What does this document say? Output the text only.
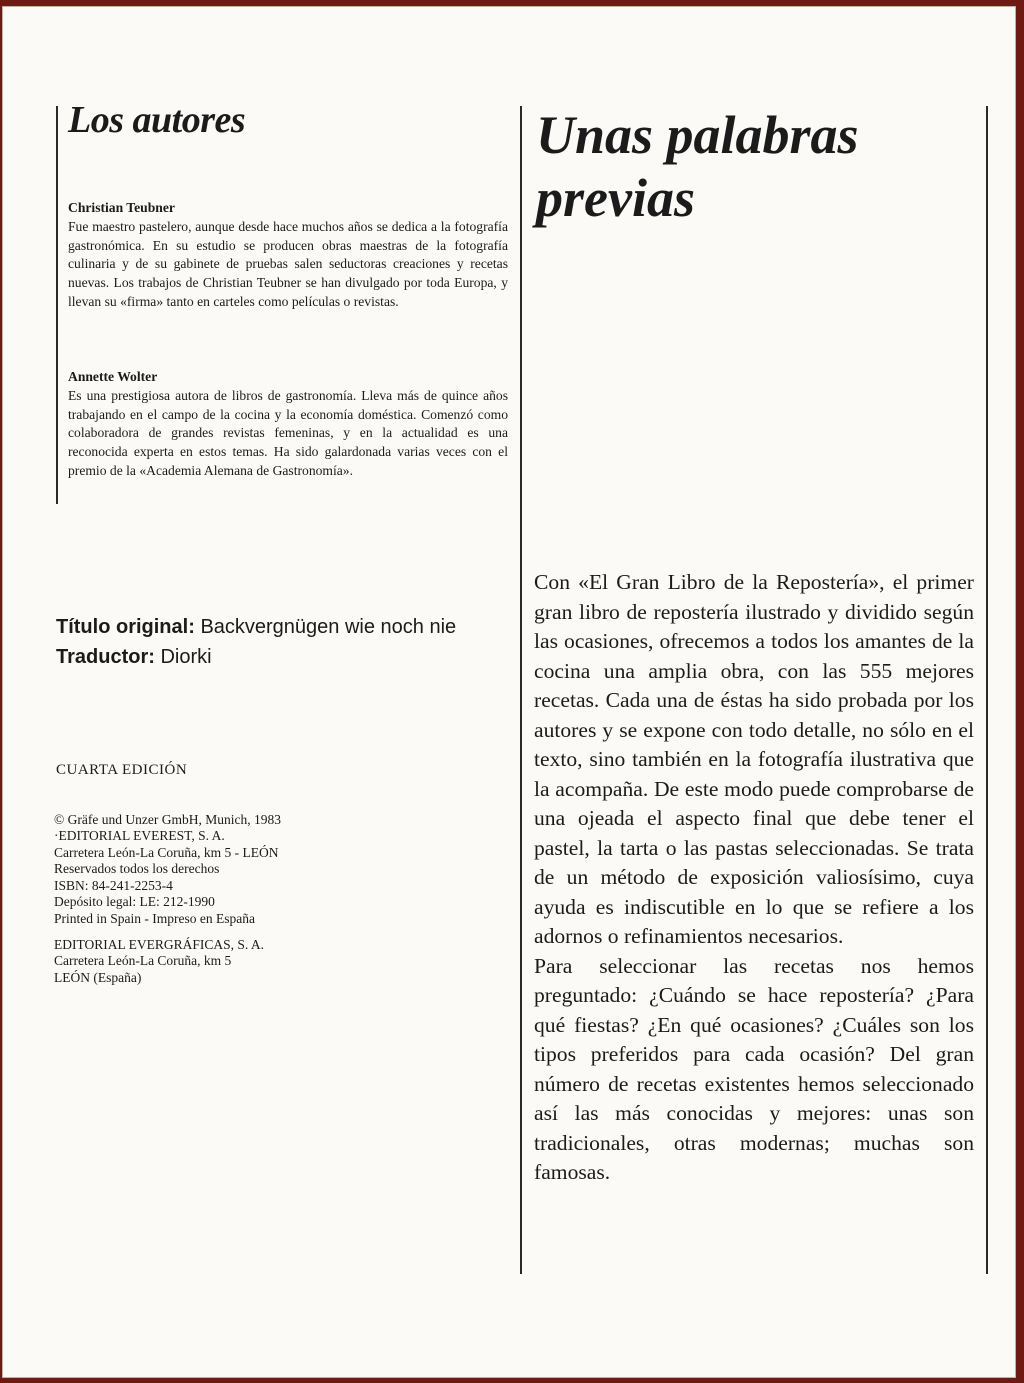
Los autores
Christian Teubner
Fue maestro pastelero, aunque desde hace muchos años se dedica a la fotografía gastronómica. En su estudio se producen obras maestras de la fotografía culinaria y de su gabinete de pruebas salen seductoras creaciones y recetas nuevas. Los trabajos de Christian Teubner se han divulgado por toda Europa, y llevan su «firma» tanto en carteles como películas o revistas.
Annette Wolter
Es una prestigiosa autora de libros de gastronomía. Lleva más de quince años trabajando en el campo de la cocina y la economía doméstica. Comenzó como colaboradora de grandes revistas femeninas, y en la actualidad es una reconocida experta en estos temas. Ha sido galardonada varias veces con el premio de la «Academia Alemana de Gastronomía».
Título original: Backvergnügen wie noch nie
Traductor: Diorki
CUARTA EDICIÓN
© Gräfe und Unzer GmbH, Munich, 1983
·EDITORIAL EVEREST, S. A.
Carretera León-La Coruña, km 5 - LEÓN
Reservados todos los derechos
ISBN: 84-241-2253-4
Depósito legal: LE: 212-1990
Printed in Spain - Impreso en España
EDITORIAL EVERGRÁFICAS, S. A.
Carretera León-La Coruña, km 5
LEÓN (España)
Unas palabras
previas

Con «El Gran Libro de la Repostería», el primer gran libro de repostería ilustrado y dividido según las ocasiones, ofrecemos a todos los amantes de la cocina una amplia obra, con las 555 mejores recetas. Cada una de éstas ha sido probada por los autores y se expone con todo detalle, no sólo en el texto, sino también en la fotografía ilustrativa que la acompaña. De este modo puede comprobarse de una ojeada el aspecto final que debe tener el pastel, la tarta o las pastas seleccionadas. Se trata de un método de exposición valiosísimo, cuya ayuda es indiscutible en lo que se refiere a los adornos o refinamientos necesarios.

Para seleccionar las recetas nos hemos preguntado: ¿Cuándo se hace repostería? ¿Para qué fiestas? ¿En qué ocasiones? ¿Cuáles son los tipos preferidos para cada ocasión? Del gran número de recetas existentes hemos seleccionado así las más conocidas y mejores: unas son tradicionales, otras modernas; muchas son famosas.
